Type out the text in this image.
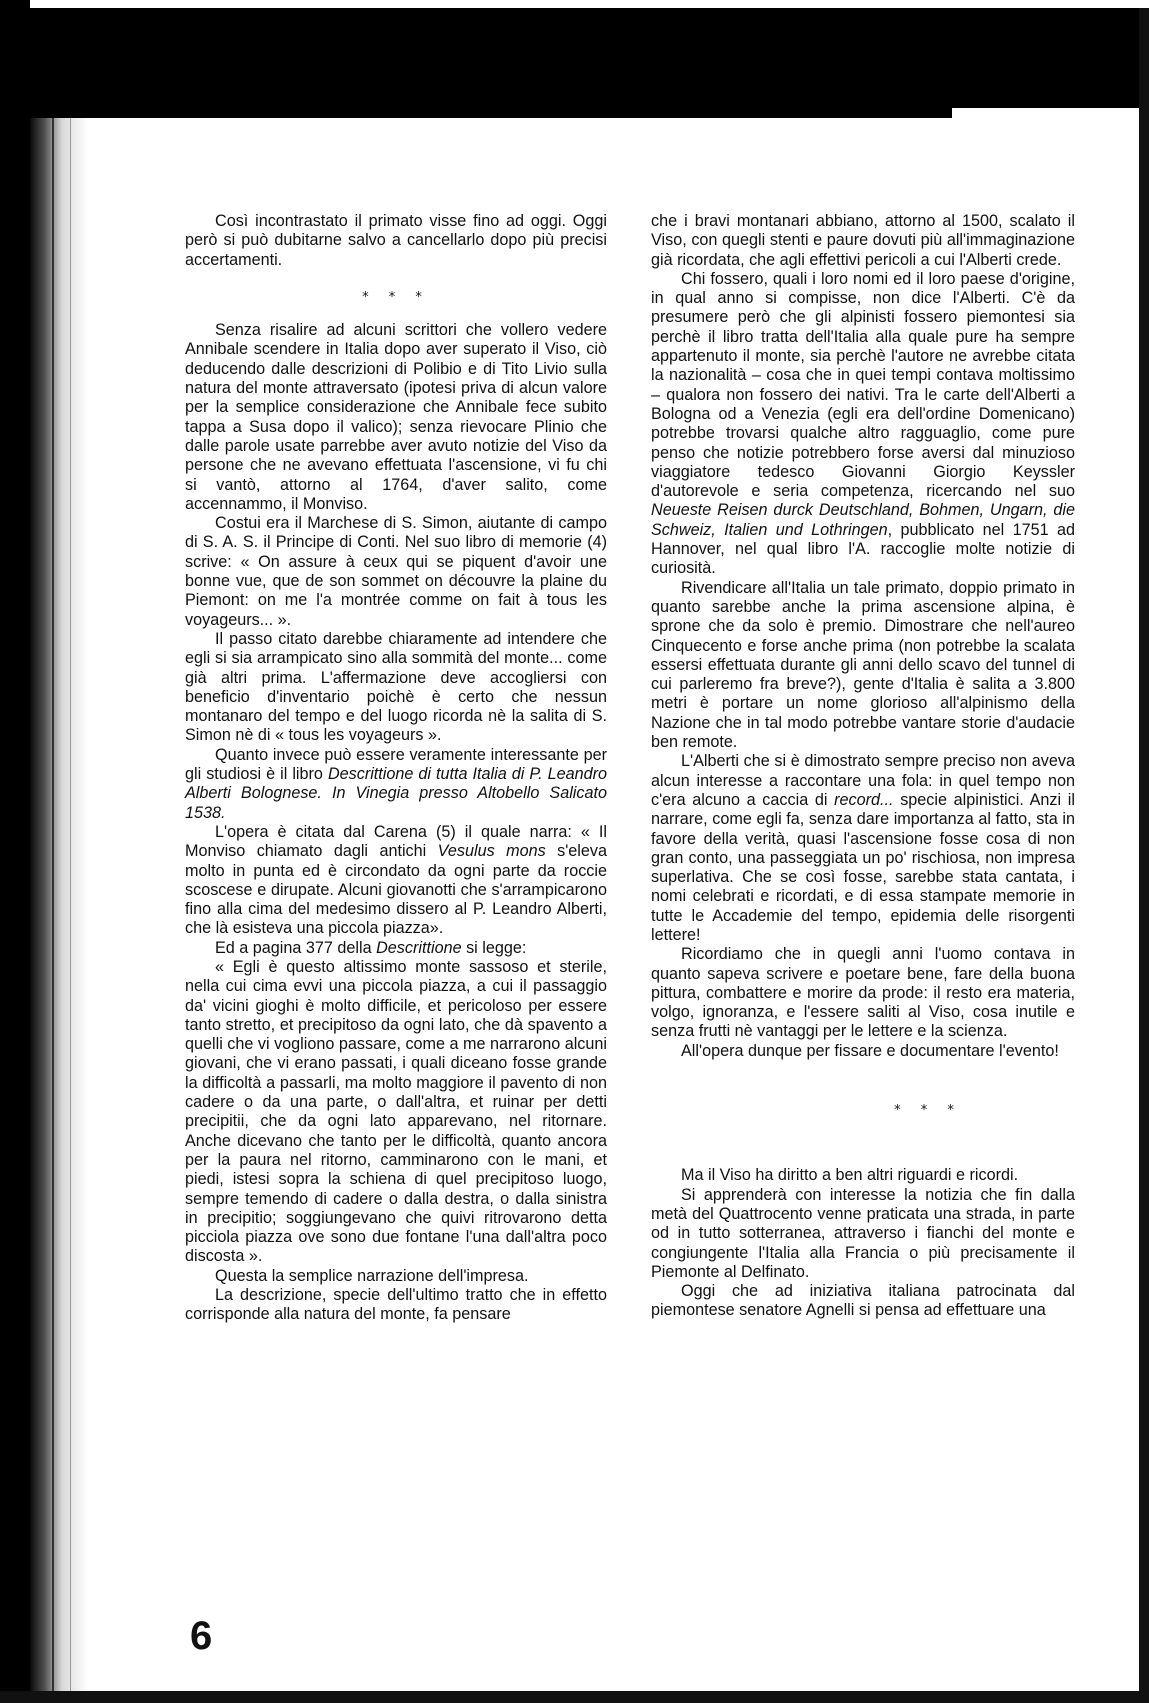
Così incontrastato il primato visse fino ad oggi. Oggi però si può dubitarne salvo a cancellarlo dopo più precisi accertamenti.

* * *

Senza risalire ad alcuni scrittori che vollero vedere Annibale scendere in Italia dopo aver superato il Viso, ciò deducendo dalle descrizioni di Polibio e di Tito Livio sulla natura del monte attraversato (ipotesi priva di alcun valore per la semplice considerazione che Annibale fece subito tappa a Susa dopo il valico); senza rievocare Plinio che dalle parole usate parrebbe aver avuto notizie del Viso da persone che ne avevano effettuata l'ascensione, vi fu chi si vantò, attorno al 1764, d'aver salito, come accennammo, il Monviso.

Costui era il Marchese di S. Simon, aiutante di campo di S. A. S. il Principe di Conti. Nel suo libro di memorie (4) scrive: « On assure à ceux qui se piquent d'avoir une bonne vue, que de son sommet on découvre la plaine du Piemont: on me l'a montrée comme on fait à tous les voyageurs... ».

Il passo citato darebbe chiaramente ad intendere che egli si sia arrampicato sino alla sommità del monte... come già altri prima. L'affermazione deve accogliersi con beneficio d'inventario poichè è certo che nessun montanaro del tempo e del luogo ricorda nè la salita di S. Simon nè di « tous les voyageurs ».

Quanto invece può essere veramente interessante per gli studiosi è il libro Descrittione di tutta Italia di P. Leandro Alberti Bolognese. In Vinegia presso Altobello Salicato 1538.

L'opera è citata dal Carena (5) il quale narra: « Il Monviso chiamato dagli antichi Vesulus mons s'eleva molto in punta ed è circondato da ogni parte da roccie scoscese e dirupate. Alcuni giovanotti che s'arrampicarono fino alla cima del medesimo dissero al P. Leandro Alberti, che là esisteva una piccola piazza».

Ed a pagina 377 della Descrittione si legge:

« Egli è questo altissimo monte sassoso et sterile, nella cui cima evvi una piccola piazza, a cui il passaggio da' vicini gioghi è molto difficile, et pericoloso per essere tanto stretto, et precipitoso da ogni lato, che dà spavento a quelli che vi vogliono passare, come a me narrarono alcuni giovani, che vi erano passati, i quali diceano fosse grande la difficoltà a passarli, ma molto maggiore il pavento di non cadere o da una parte, o dall'altra, et ruinar per detti precipitii, che da ogni lato apparevano, nel ritornare. Anche dicevano che tanto per le difficoltà, quanto ancora per la paura nel ritorno, camminarono con le mani, et piedi, istesi sopra la schiena di quel precipitoso luogo, sempre temendo di cadere o dalla destra, o dalla sinistra in precipitio; soggiungevano che quivi ritrovarono detta picciola piazza ove sono due fontane l'una dall'altra poco discosta ».

Questa la semplice narrazione dell'impresa.

La descrizione, specie dell'ultimo tratto che in effetto corrisponde alla natura del monte, fa pensare

che i bravi montanari abbiano, attorno al 1500, scalato il Viso, con quegli stenti e paure dovuti più all'immaginazione già ricordata, che agli effettivi pericoli a cui l'Alberti crede.

Chi fossero, quali i loro nomi ed il loro paese d'origine, in qual anno si compisse, non dice l'Alberti. C'è da presumere però che gli alpinisti fossero piemontesi sia perchè il libro tratta dell'Italia alla quale pure ha sempre appartenuto il monte, sia perchè l'autore ne avrebbe citata la nazionalità – cosa che in quei tempi contava moltissimo – qualora non fossero dei nativi. Tra le carte dell'Alberti a Bologna od a Venezia (egli era dell'ordine Domenicano) potrebbe trovarsi qualche altro ragguaglio, come pure penso che notizie potrebbero forse aversi dal minuzioso viaggiatore tedesco Giovanni Giorgio Keyssler d'autorevole e seria competenza, ricercando nel suo Neueste Reisen durck Deutschland, Bohmen, Ungarn, die Schweiz, Italien und Lothringen, pubblicato nel 1751 ad Hannover, nel qual libro l'A. raccoglie molte notizie di curiosità.

Rivendicare all'Italia un tale primato, doppio primato in quanto sarebbe anche la prima ascensione alpina, è sprone che da solo è premio. Dimostrare che nell'aureo Cinquecento e forse anche prima (non potrebbe la scalata essersi effettuata durante gli anni dello scavo del tunnel di cui parleremo fra breve?), gente d'Italia è salita a 3.800 metri è portare un nome glorioso all'alpinismo della Nazione che in tal modo potrebbe vantare storie d'audacie ben remote.

L'Alberti che si è dimostrato sempre preciso non aveva alcun interesse a raccontare una fola: in quel tempo non c'era alcuno a caccia di record... specie alpinistici. Anzi il narrare, come egli fa, senza dare importanza al fatto, sta in favore della verità, quasi l'ascensione fosse cosa di non gran conto, una passeggiata un po' rischiosa, non impresa superlativa. Che se così fosse, sarebbe stata cantata, i nomi celebrati e ricordati, e di essa stampate memorie in tutte le Accademie del tempo, epidemia delle risorgenti lettere!

Ricordiamo che in quegli anni l'uomo contava in quanto sapeva scrivere e poetare bene, fare della buona pittura, combattere e morire da prode: il resto era materia, volgo, ignoranza, e l'essere saliti al Viso, cosa inutile e senza frutti nè vantaggi per le lettere e la scienza.

All'opera dunque per fissare e documentare l'evento!

* * *

Ma il Viso ha diritto a ben altri riguardi e ricordi.

Si apprenderà con interesse la notizia che fin dalla metà del Quattrocento venne praticata una strada, in parte od in tutto sotterranea, attraverso i fianchi del monte e congiungente l'Italia alla Francia o più precisamente il Piemonte al Delfinato.

Oggi che ad iniziativa italiana patrocinata dal piemontese senatore Agnelli si pensa ad effettuare una

6
